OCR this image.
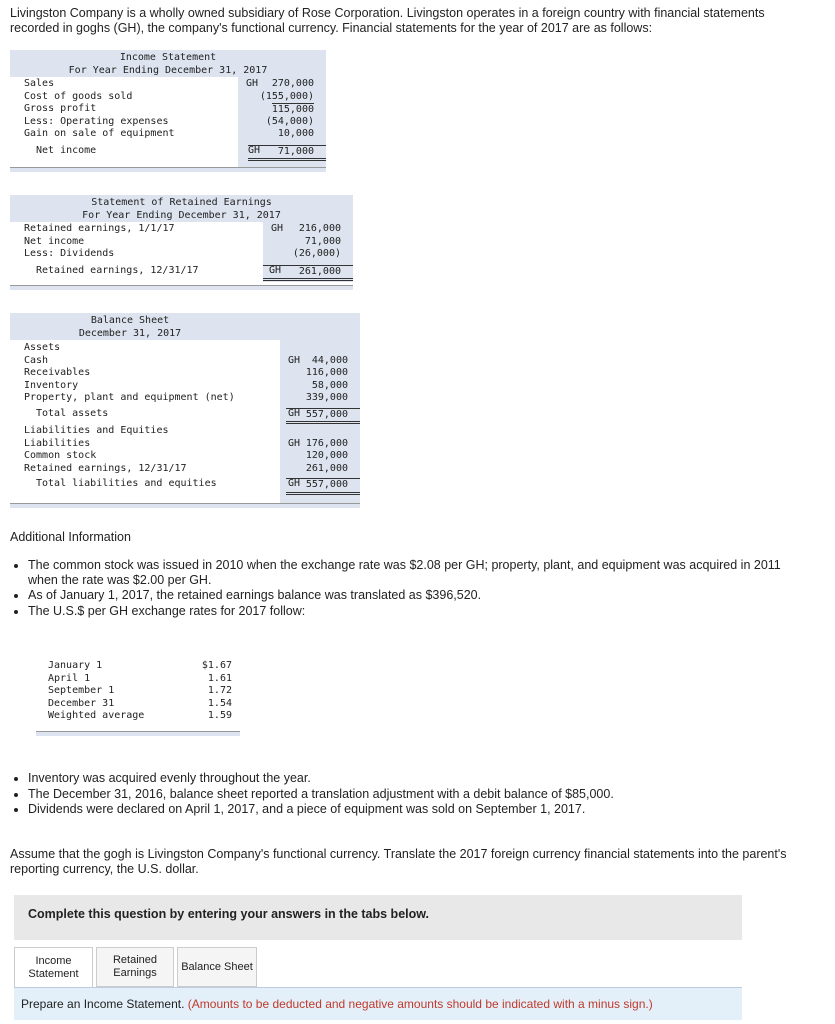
Livingston Company is a wholly owned subsidiary of Rose Corporation. Livingston operates in a foreign country with financial statements recorded in goghs (GH), the company's functional currency. Financial statements for the year of 2017 are as follows:
Income Statement
For Year Ending December 31, 2017
Sales	GH 270,000
Cost of goods sold	(155,000)
Gross profit	115,000
Less: Operating expenses	(54,000)
Gain on sale of equipment	10,000
Net income	GH	71,000
Statement of Retained Earnings
For Year Ending December 31, 2017
Retained earnings, 1/1/17	GH 216,000
Net income	71,000
Less: Dividends	(26,000)
Retained earnings, 12/31/17	GH	261,000
Balance Sheet
December 31, 2017
Assets
Cash	GH 44,000
Receivables	116,000
Inventory	58,000
Property, plant and equipment (net)	339,000
Total assets	GH 557,000
Liabilities and Equities
Liabilities	GH 176,000
Common stock	120,000
Retained earnings, 12/31/17	261,000
Total liabilities and equities	GH 557,000
Additional Information
• The common stock was issued in 2010 when the exchange rate was $2.08 per GH; property, plant, and equipment was acquired in 2011 when the rate was $2.00 per GH.
• As of January 1, 2017, the retained earnings balance was translated as $396,520.
• The U.S.$ per GH exchange rates for 2017 follow:
January 1	$1.67
April 1	1.61
September 1	1.72
December 31	1.54
Weighted average	1.59
• Inventory was acquired evenly throughout the year.
• The December 31, 2016, balance sheet reported a translation adjustment with a debit balance of $85,000.
• Dividends were declared on April 1, 2017, and a piece of equipment was sold on September 1, 2017.
Assume that the gogh is Livingston Company's functional currency. Translate the 2017 foreign currency financial statements into the parent's reporting currency, the U.S. dollar.
Complete this question by entering your answers in the tabs below.
Income
Statement
Retained
Earnings
Balance Sheet
Prepare an Income Statement. (Amounts to be deducted and negative amounts should be indicated with a minus sign.)
